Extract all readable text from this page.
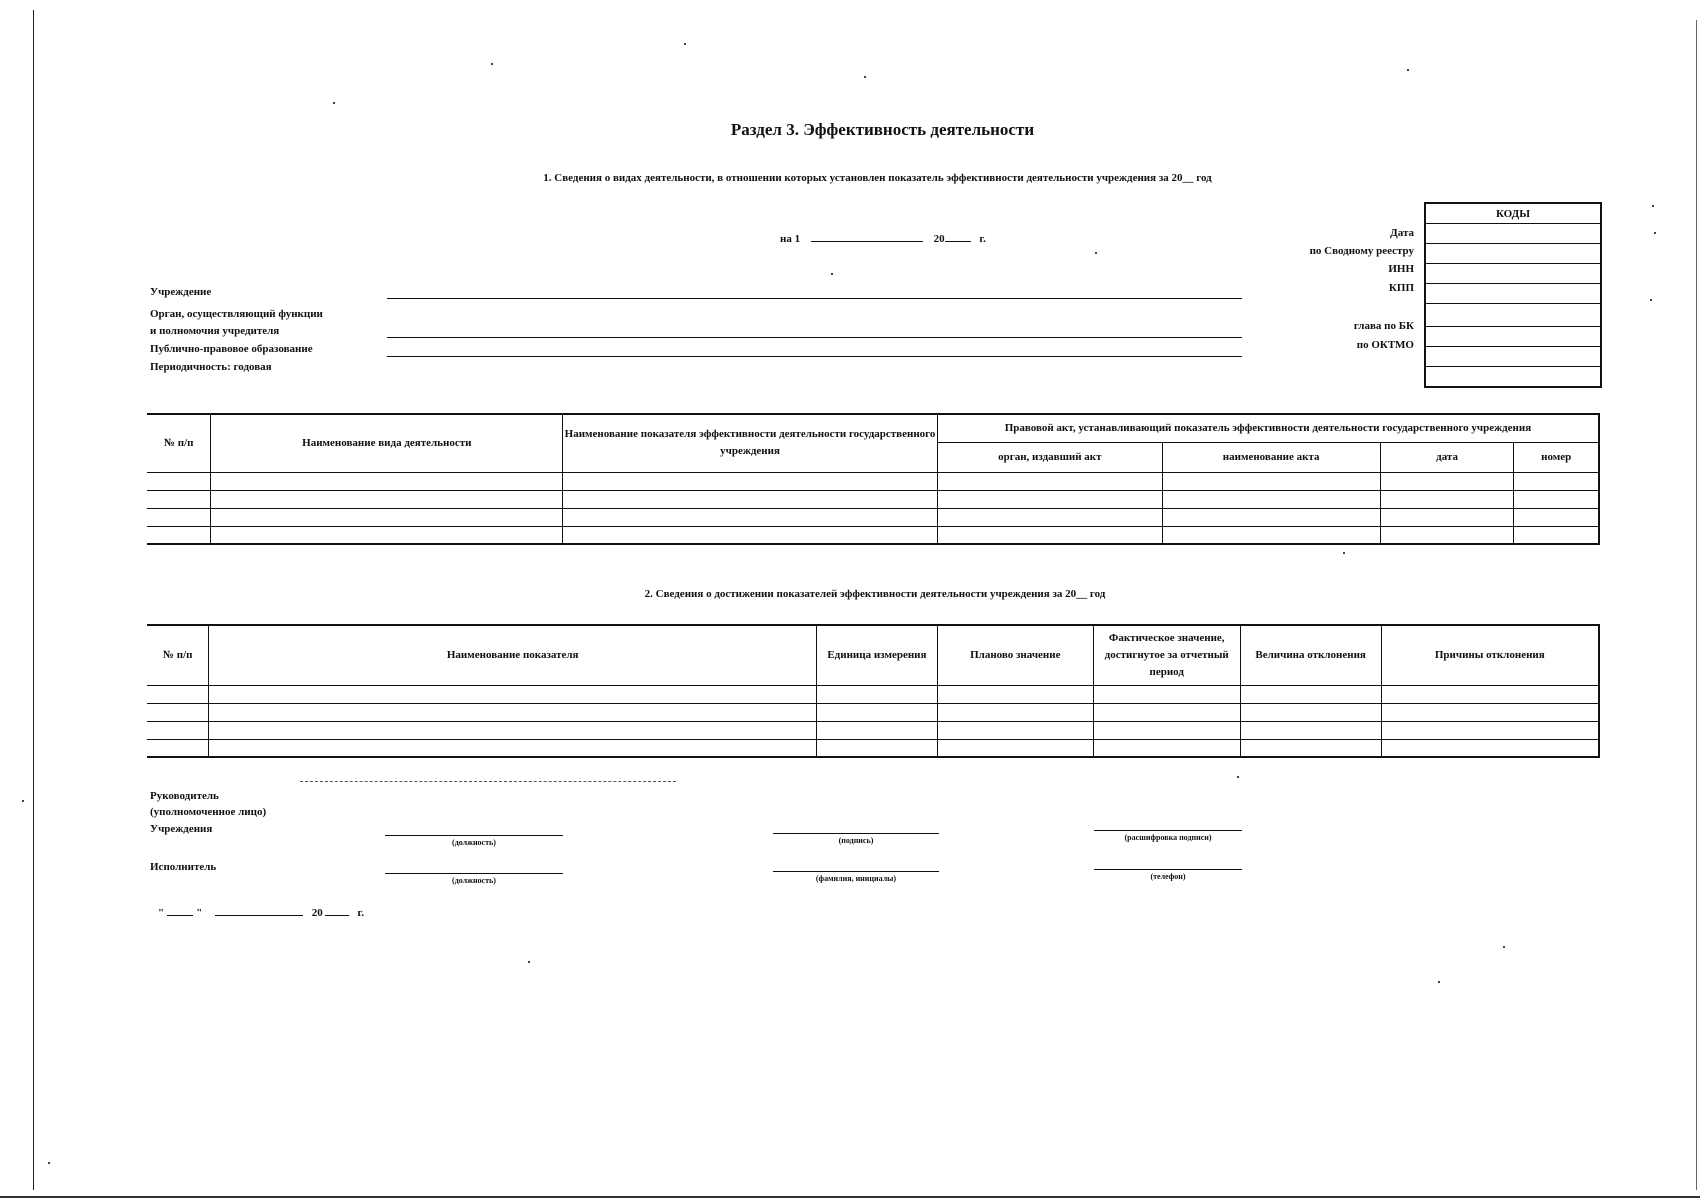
Раздел 3. Эффективность деятельности
1. Сведения о видах деятельности, в отношении которых установлен показатель эффективности деятельности учреждения за 20__ год
на 1	20	г.
КОДЫ

Дата
по Сводному реестру
ИНН
КПП
глава по БК
по ОКТМО
Учреждение
Орган, осуществляющий функции
и полномочия учредителя
Публично-правовое образование
Периодичность: годовая
№ п/п	Наименование вида деятельности	Наименование показателя эффективности деятельности государственного учреждения	Правовой акт, устанавливающий показатель эффективности деятельности государственного учреждения			
			орган, издавший акт	наименование акта	дата	номер

2. Сведения о достижении показателей эффективности деятельности учреждения за 20__ год
№ п/п	Наименование показателя	Единица измерения	Планово значение	Фактическое значение, достигнутое за отчетный период	Величина отклонения	Причины отклонения

Руководитель
(уполномоченное лицо)
Учреждения
(должность)	(подпись)	(расшифровка подписи)
Исполнитель
(должность)	(фамилия, инициалы)	(телефон)
"	"	20	г.
